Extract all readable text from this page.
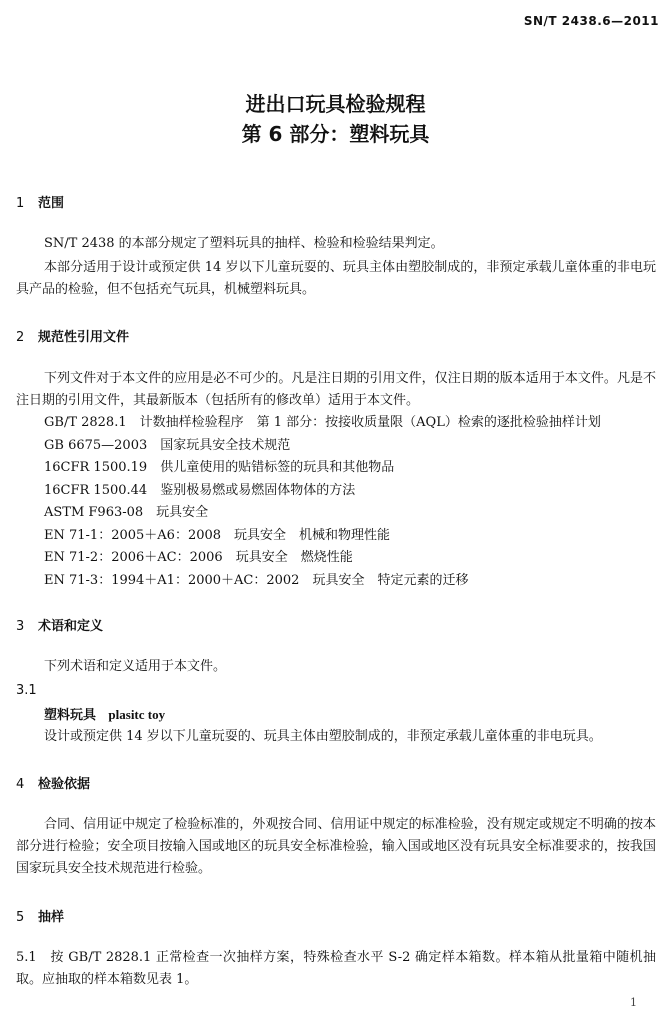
SN/T 2438.6—2011
进出口玩具检验规程
第 6 部分：塑料玩具
1 范围
SN/T 2438 的本部分规定了塑料玩具的抽样、检验和检验结果判定。
本部分适用于设计或预定供 14 岁以下儿童玩耍的、玩具主体由塑胶制成的，非预定承载儿童体重的非电玩具产品的检验，但不包括充气玩具，机械塑料玩具。
2 规范性引用文件
下列文件对于本文件的应用是必不可少的。凡是注日期的引用文件，仅注日期的版本适用于本文件。凡是不注日期的引用文件，其最新版本（包括所有的修改单）适用于本文件。
GB/T 2828.1　计数抽样检验程序　第 1 部分：按接收质量限（AQL）检索的逐批检验抽样计划
GB 6675—2003　国家玩具安全技术规范
16CFR 1500.19　供儿童使用的贴错标签的玩具和其他物品
16CFR 1500.44　鉴别极易燃或易燃固体物体的方法
ASTM F963-08　玩具安全
EN 71-1：2005＋A6：2008　玩具安全　机械和物理性能
EN 71-2：2006＋AC：2006　玩具安全　燃烧性能
EN 71-3：1994＋A1：2000＋AC：2002　玩具安全　特定元素的迁移
3 术语和定义
下列术语和定义适用于本文件。
3.1
塑料玩具 plasitc toy
设计或预定供 14 岁以下儿童玩耍的、玩具主体由塑胶制成的，非预定承载儿童体重的非电玩具。
4 检验依据
合同、信用证中规定了检验标准的，外观按合同、信用证中规定的标准检验，没有规定或规定不明确的按本部分进行检验；安全项目按输入国或地区的玩具安全标准检验，输入国或地区没有玩具安全标准要求的，按我国国家玩具安全技术规范进行检验。
5 抽样
5.1 按 GB/T 2828.1 正常检查一次抽样方案，特殊检查水平 S-2 确定样本箱数。样本箱从批量箱中随机抽取。应抽取的样本箱数见表 1。
1
